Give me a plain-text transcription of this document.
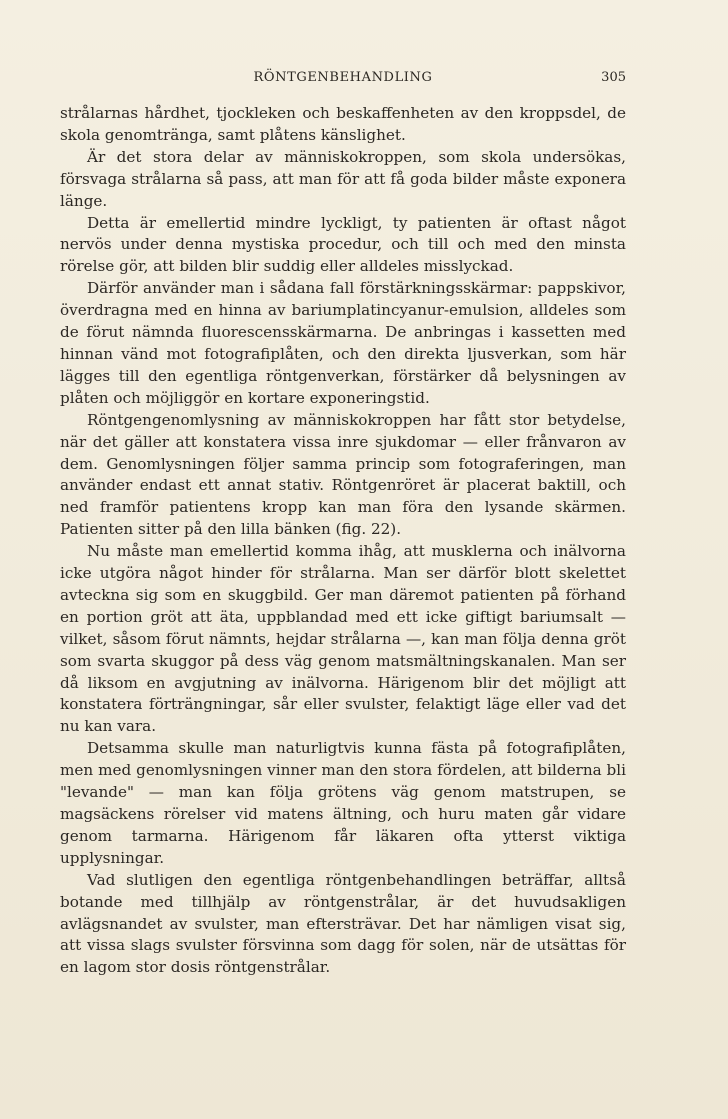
RÖNTGENBEHANDLING	305

strålarnas hårdhet, tjockleken och beskaffenheten av den kroppsdel, de skola genomtränga, samt plåtens känslighet.

Är det stora delar av människokroppen, som skola undersökas, försvaga strålarna så pass, att man för att få goda bilder måste exponera länge.

Detta är emellertid mindre lyckligt, ty patienten är oftast något nervös under denna mystiska procedur, och till och med den minsta rörelse gör, att bilden blir suddig eller alldeles misslyckad.

Därför använder man i sådana fall förstärkningsskärmar: pappskivor, överdragna med en hinna av bariumplatincyanur-emulsion, alldeles som de förut nämnda fluorescensskärmarna. De anbringas i kassetten med hinnan vänd mot fotografiplåten, och den direkta ljusverkan, som här lägges till den egentliga röntgenverkan, förstärker då belysningen av plåten och möjliggör en kortare exponeringstid.

Röntgengenomlysning av människokroppen har fått stor betydelse, när det gäller att konstatera vissa inre sjukdomar — eller frånvaron av dem. Genomlysningen följer samma princip som fotograferingen, man använder endast ett annat stativ. Röntgenröret är placerat baktill, och ned framför patientens kropp kan man föra den lysande skärmen. Patienten sitter på den lilla bänken (fig. 22).

Nu måste man emellertid komma ihåg, att musklerna och inälvorna icke utgöra något hinder för strålarna. Man ser därför blott skelettet avteckna sig som en skuggbild. Ger man däremot patienten på förhand en portion gröt att äta, uppblandad med ett icke giftigt bariumsalt — vilket, såsom förut nämnts, hejdar strålarna —, kan man följa denna gröt som svarta skuggor på dess väg genom matsmältningskanalen. Man ser då liksom en avgjutning av inälvorna. Härigenom blir det möjligt att konstatera förträngningar, sår eller svulster, felaktigt läge eller vad det nu kan vara.

Detsamma skulle man naturligtvis kunna fästa på fotografiplåten, men med genomlysningen vinner man den stora fördelen, att bilderna bli "levande" — man kan följa grötens väg genom matstrupen, se magsäckens rörelser vid matens ältning, och huru maten går vidare genom tarmarna. Härigenom får läkaren ofta ytterst viktiga upplysningar.

Vad slutligen den egentliga röntgenbehandlingen beträffar, alltså botande med tillhjälp av röntgenstrålar, är det huvudsakligen avlägsnandet av svulster, man eftersträvar. Det har nämligen visat sig, att vissa slags svulster försvinna som dagg för solen, när de utsättas för en lagom stor dosis röntgenstrålar.
